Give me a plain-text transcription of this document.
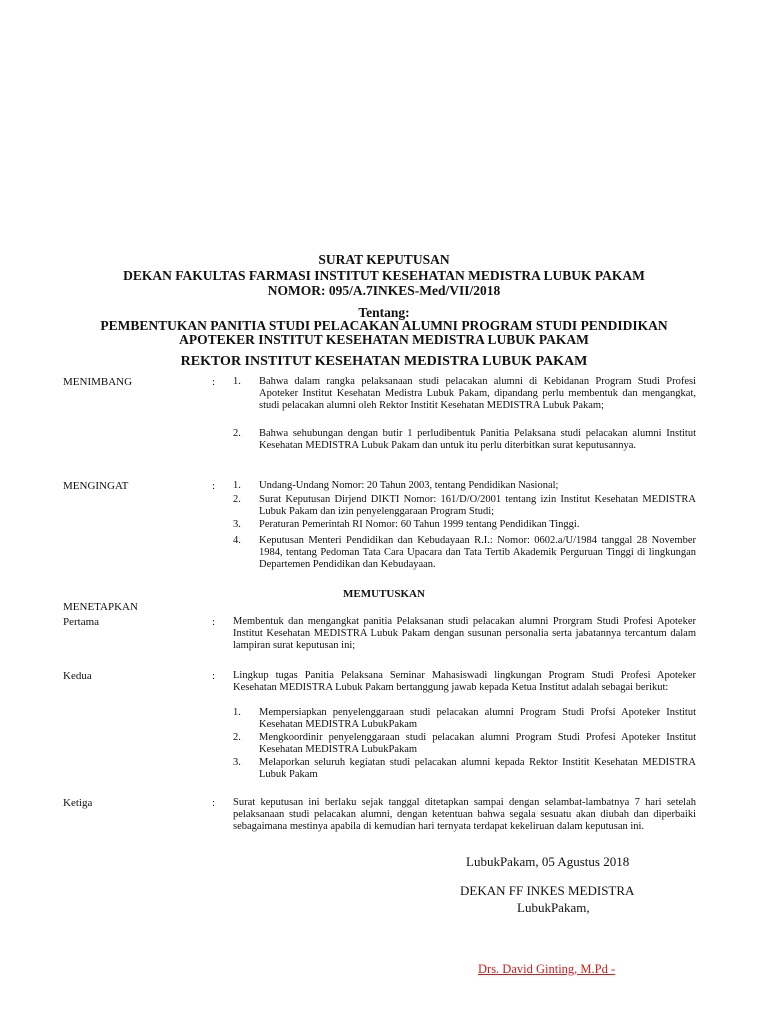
SURAT KEPUTUSAN
DEKAN FAKULTAS FARMASI INSTITUT KESEHATAN MEDISTRA LUBUK PAKAM
NOMOR: 095/A.7INKES-Med/VII/2018
Tentang:
PEMBENTUKAN PANITIA STUDI PELACAKAN ALUMNI PROGRAM STUDI PENDIDIKAN
APOTEKER INSTITUT KESEHATAN MEDISTRA LUBUK PAKAM
REKTOR INSTITUT KESEHATAN MEDISTRA LUBUK PAKAM
MENIMBANG	: 1. Bahwa dalam rangka pelaksanaan studi pelacakan alumni di Kebidanan Program Studi Profesi Apoteker Institut Kesehatan Medistra Lubuk Pakam, dipandang perlu membentuk dan mengangkat, studi pelacakan alumni oleh Rektor Institit Kesehatan MEDISTRA Lubuk Pakam;
2. Bahwa sehubungan dengan butir 1 perludibentuk Panitia Pelaksana studi pelacakan alumni Institut Kesehatan MEDISTRA Lubuk Pakam dan untuk itu perlu diterbitkan surat keputusannya.
MENGINGAT	: 1. Undang-Undang Nomor: 20 Tahun 2003, tentang Pendidikan Nasional;
2. Surat Keputusan Dirjend DIKTI Nomor: 161/D/O/2001 tentang izin Institut Kesehatan MEDISTRA Lubuk Pakam dan izin penyelenggaraan Program Studi;
3. Peraturan Pemerintah RI Nomor: 60 Tahun 1999 tentang Pendidikan Tinggi.
4. Keputusan Menteri Pendidikan dan Kebudayaan R.I.: Nomor: 0602.a/U/1984 tanggal 28 November 1984, tentang Pedoman Tata Cara Upacara dan Tata Tertib Akademik Perguruan Tinggi di lingkungan Departemen Pendidikan dan Kebudayaan.
MEMUTUSKAN
MENETAPKAN
Pertama	: Membentuk dan mengangkat panitia Pelaksanan studi pelacakan alumni Prorgram Studi Profesi Apoteker Institut Kesehatan MEDISTRA Lubuk Pakam dengan susunan personalia serta jabatannya tercantum dalam lampiran surat keputusan ini;
Kedua	: Lingkup tugas Panitia Pelaksana Seminar Mahasiswadi lingkungan Program Studi Profesi Apoteker Kesehatan MEDISTRA Lubuk Pakam bertanggung jawab kepada Ketua Institut adalah sebagai berikut:
1. Mempersiapkan penyelenggaraan studi pelacakan alumni Program Studi Profsi Apoteker Institut Kesehatan MEDISTRA LubukPakam
2. Mengkoordinir penyelenggaraan studi pelacakan alumni Program Studi Profesi Apoteker Institut Kesehatan MEDISTRA LubukPakam
3. Melaporkan seluruh kegiatan studi pelacakan alumni kepada Rektor Institit Kesehatan MEDISTRA Lubuk Pakam
Ketiga	: Surat keputusan ini berlaku sejak tanggal ditetapkan sampai dengan selambat-lambatnya 7 hari setelah pelaksanaan studi pelacakan alumni, dengan ketentuan bahwa segala sesuatu akan diubah dan diperbaiki sebagaimana mestinya apabila di kemudian hari ternyata terdapat kekeliruan dalam keputusan ini.
LubukPakam, 05 Agustus 2018
DEKAN FF INKES MEDISTRA
LubukPakam,
Drs. David Ginting, M.Pd -
